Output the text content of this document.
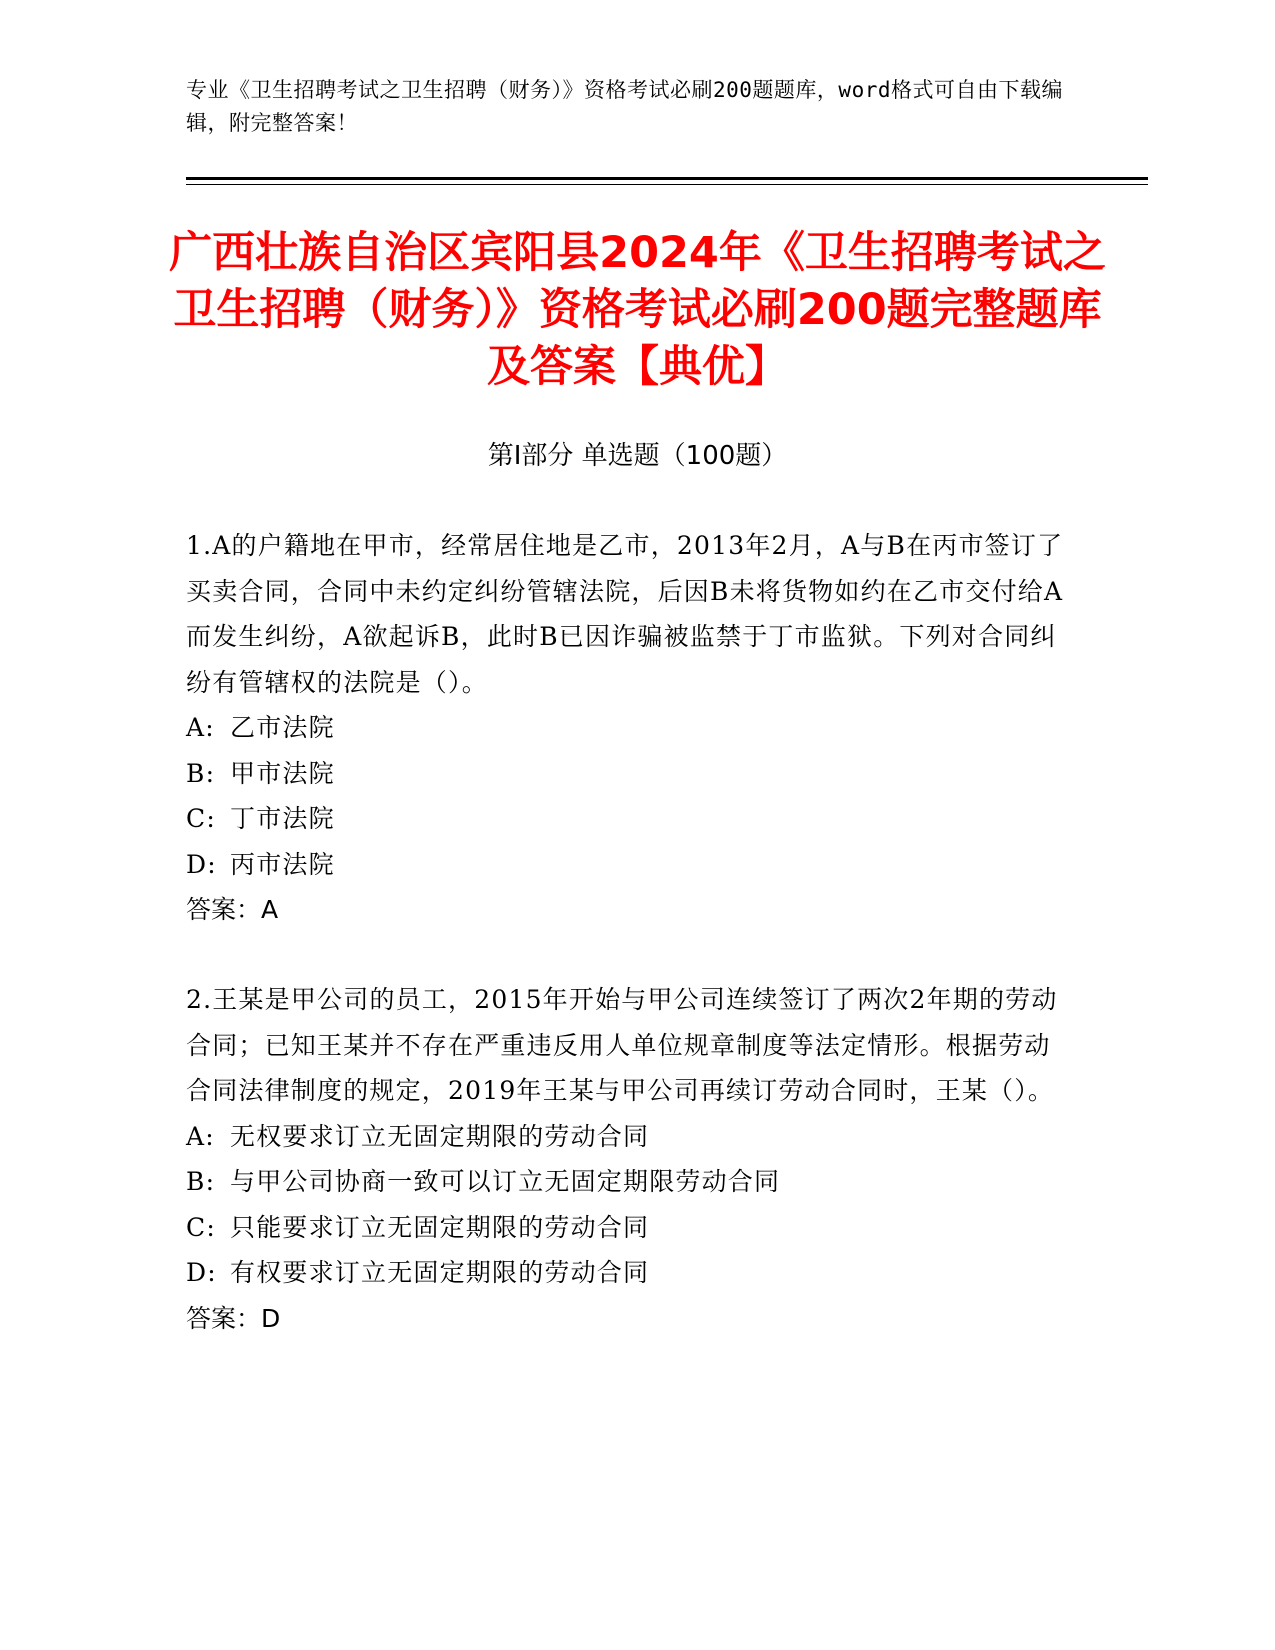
专业《卫生招聘考试之卫生招聘（财务）》资格考试必刷200题题库，word格式可自由下载编辑，附完整答案！
广西壮族自治区宾阳县2024年《卫生招聘考试之卫生招聘（财务）》资格考试必刷200题完整题库及答案【典优】
第I部分 单选题（100题）

1.A的户籍地在甲市，经常居住地是乙市，2013年2月，A与B在丙市签订了买卖合同，合同中未约定纠纷管辖法院，后因B未将货物如约在乙市交付给A而发生纠纷，A欲起诉B，此时B已因诈骗被监禁于丁市监狱。下列对合同纠纷有管辖权的法院是（）。

A: 乙市法院

B: 甲市法院

C: 丁市法院

D: 丙市法院

答案：A

2.王某是甲公司的员工，2015年开始与甲公司连续签订了两次2年期的劳动合同；已知王某并不存在严重违反用人单位规章制度等法定情形。根据劳动合同法律制度的规定，2019年王某与甲公司再续订劳动合同时，王某（）。

A: 无权要求订立无固定期限的劳动合同

B: 与甲公司协商一致可以订立无固定期限劳动合同

C: 只能要求订立无固定期限的劳动合同

D: 有权要求订立无固定期限的劳动合同

答案：D
